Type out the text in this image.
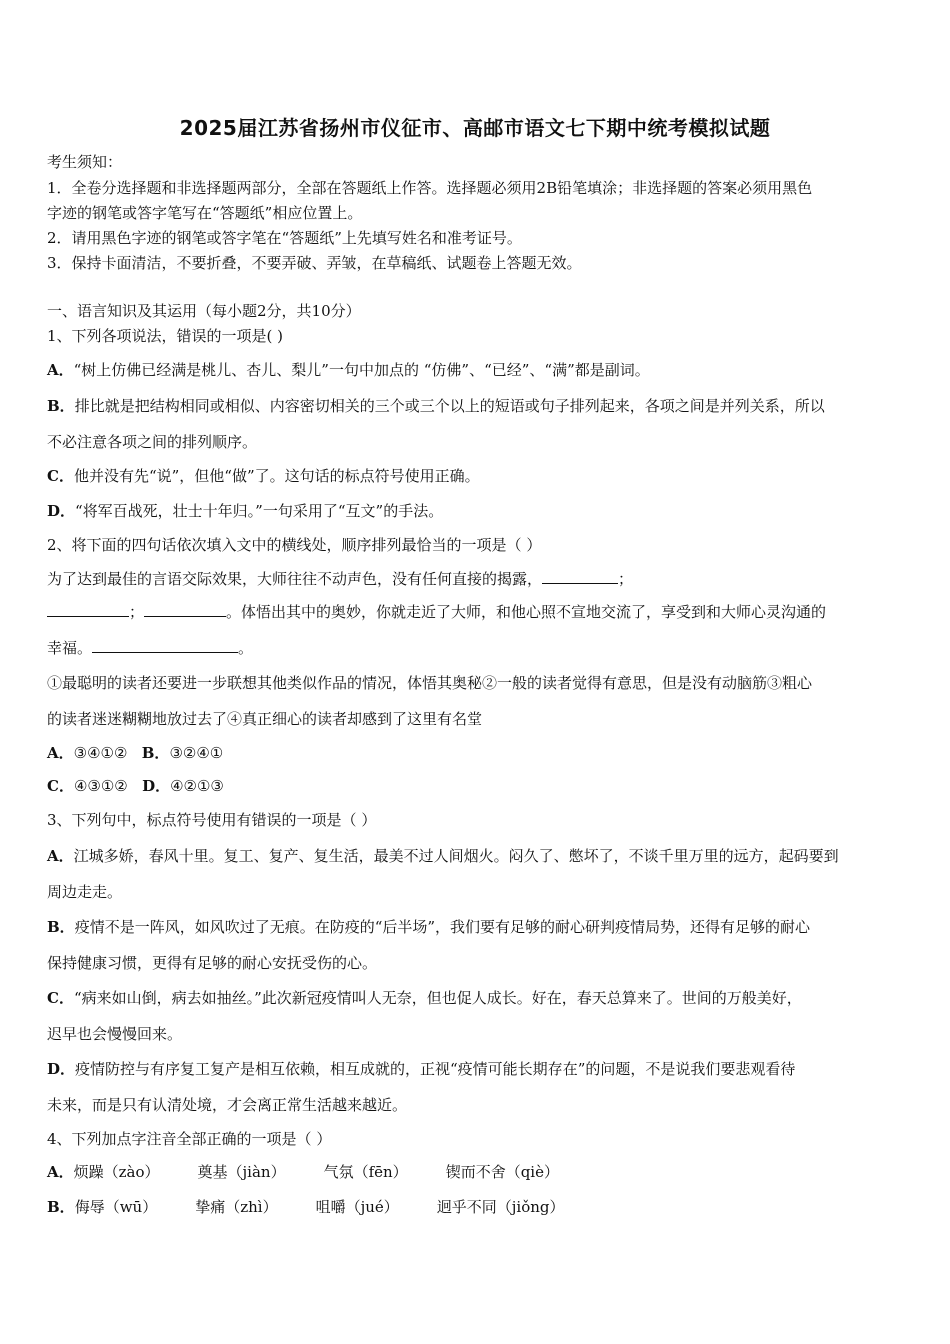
2025届江苏省扬州市仪征市、高邮市语文七下期中统考模拟试题
考生须知：
1．全卷分选择题和非选择题两部分，全部在答题纸上作答。选择题必须用2B铅笔填涂；非选择题的答案必须用黑色
字迹的钢笔或答字笔写在“答题纸”相应位置上。
2．请用黑色字迹的钢笔或答字笔在“答题纸”上先填写姓名和准考证号。
3．保持卡面清洁，不要折叠，不要弄破、弄皱，在草稿纸、试题卷上答题无效。
一、语言知识及其运用（每小题2分，共10分）
1、下列各项说法，错误的一项是( )
A．“树上仿佛已经满是桃儿、杏儿、梨儿”一句中加点的 “仿佛”、“已经”、“满”都是副词。
B．排比就是把结构相同或相似、内容密切相关的三个或三个以上的短语或句子排列起来，各项之间是并列关系，所以
不必注意各项之间的排列顺序。
C．他并没有先“说”，但他“做”了。这句话的标点符号使用正确。
D．“将军百战死，壮士十年归。”一句采用了“互文”的手法。
2、将下面的四句话依次填入文中的横线处，顺序排列最恰当的一项是（ ）
为了达到最佳的言语交际效果，大师往往不动声色，没有任何直接的揭露，	；
；	。体悟出其中的奥妙，你就走近了大师，和他心照不宣地交流了，享受到和大师心灵沟通的
幸福。	。
①最聪明的读者还要进一步联想其他类似作品的情况，体悟其奥秘②一般的读者觉得有意思，但是没有动脑筋③粗心
的读者迷迷糊糊地放过去了④真正细心的读者却感到了这里有名堂
A．③④①② B．③②④①
C．④③①② D．④②①③
3、下列句中，标点符号使用有错误的一项是（ ）
A．江城多娇，春风十里。复工、复产、复生活，最美不过人间烟火。闷久了、憋坏了，不谈千里万里的远方，起码要到
周边走走。
B．疫情不是一阵风，如风吹过了无痕。在防疫的“后半场”，我们要有足够的耐心研判疫情局势，还得有足够的耐心
保持健康习惯，更得有足够的耐心安抚受伤的心。
C．“病来如山倒，病去如抽丝。”此次新冠疫情叫人无奈，但也促人成长。好在，春天总算来了。世间的万般美好，
迟早也会慢慢回来。
D．疫情防控与有序复工复产是相互依赖，相互成就的，正视“疫情可能长期存在”的问题，不是说我们要悲观看待
未来，而是只有认清处境，才会离正常生活越来越近。
4、下列加点字注音全部正确的一项是（ ）
A．烦躁（zào）	奠基（jiàn）	气氛（fēn）	锲而不舍（qiè）
B．侮辱（wū）	挚痛（zhì）	咀嚼（jué）	迥乎不同（jiǒng）
